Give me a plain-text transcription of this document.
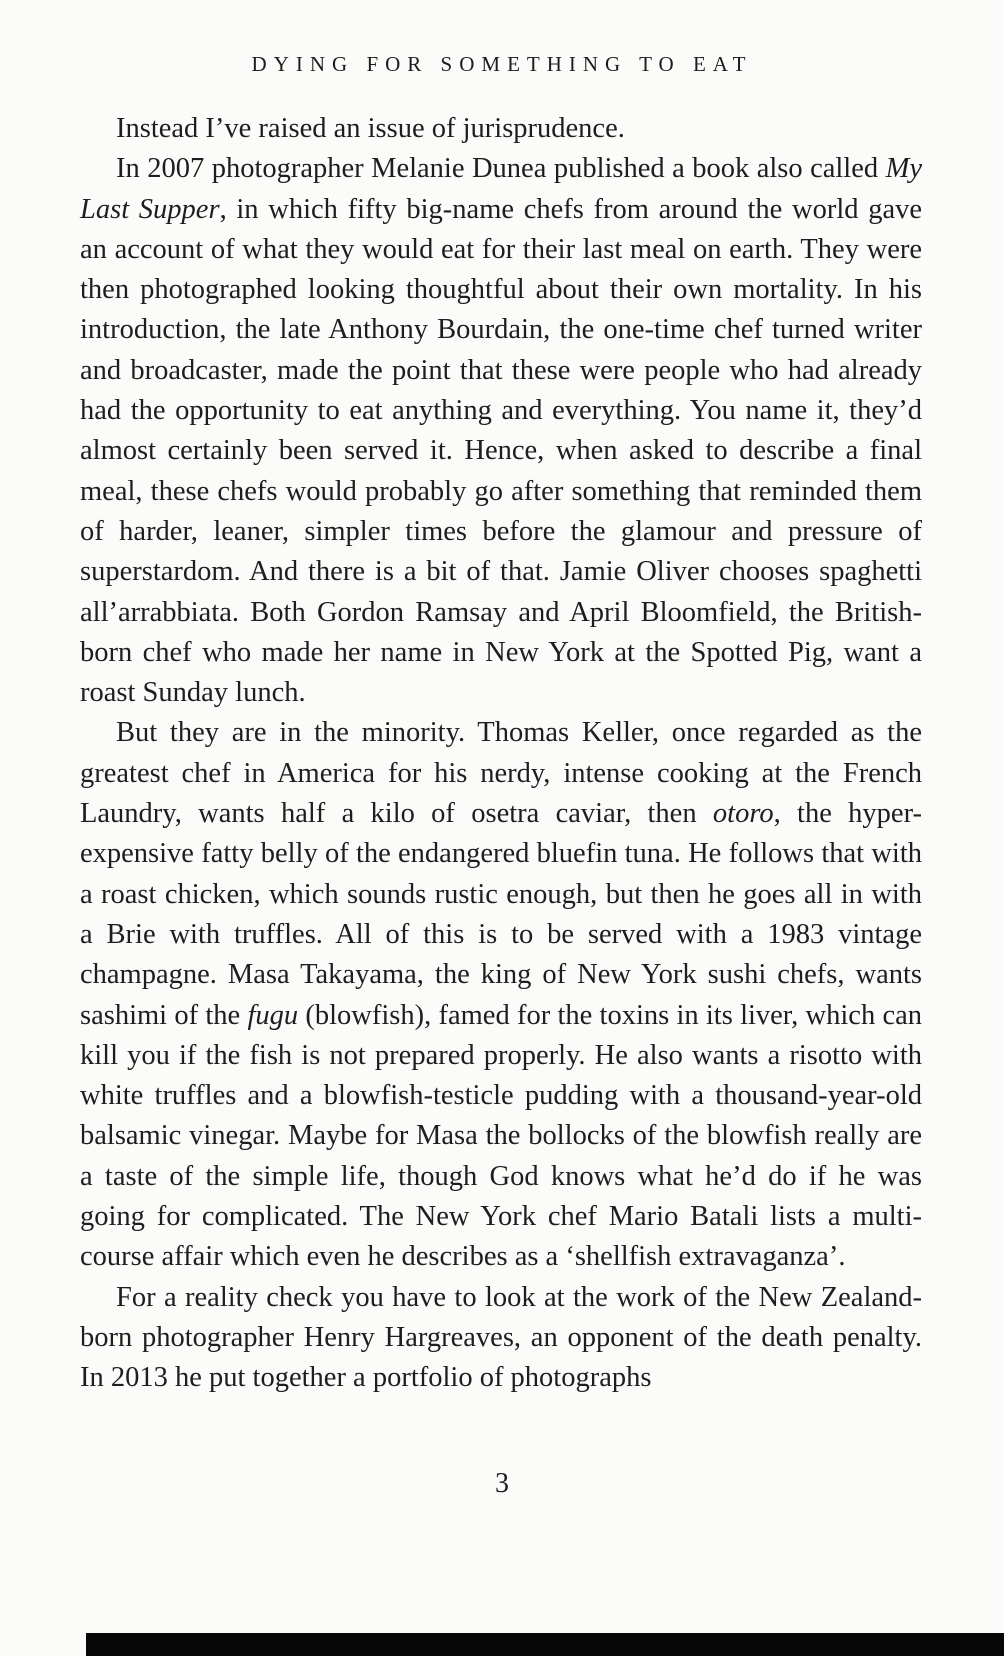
DYING FOR SOMETHING TO EAT

Instead I’ve raised an issue of jurisprudence.

In 2007 photographer Melanie Dunea published a book also called My Last Supper, in which fifty big-name chefs from around the world gave an account of what they would eat for their last meal on earth. They were then photographed looking thoughtful about their own mortality. In his introduction, the late Anthony Bourdain, the one-time chef turned writer and broadcaster, made the point that these were people who had already had the opportunity to eat anything and everything. You name it, they’d almost certainly been served it. Hence, when asked to describe a final meal, these chefs would probably go after something that reminded them of harder, leaner, simpler times before the glamour and pressure of superstardom. And there is a bit of that. Jamie Oliver chooses spaghetti all’arrabbiata. Both Gordon Ramsay and April Bloomfield, the British-born chef who made her name in New York at the Spotted Pig, want a roast Sunday lunch.

But they are in the minority. Thomas Keller, once regarded as the greatest chef in America for his nerdy, intense cooking at the French Laundry, wants half a kilo of osetra caviar, then otoro, the hyper-expensive fatty belly of the endangered bluefin tuna. He follows that with a roast chicken, which sounds rustic enough, but then he goes all in with a Brie with truffles. All of this is to be served with a 1983 vintage champagne. Masa Takayama, the king of New York sushi chefs, wants sashimi of the fugu (blowfish), famed for the toxins in its liver, which can kill you if the fish is not prepared properly. He also wants a risotto with white truffles and a blowfish-testicle pudding with a thousand-year-old balsamic vinegar. Maybe for Masa the bollocks of the blowfish really are a taste of the simple life, though God knows what he’d do if he was going for complicated. The New York chef Mario Batali lists a multi-course affair which even he describes as a ‘shellfish extravaganza’.

For a reality check you have to look at the work of the New Zealand-born photographer Henry Hargreaves, an opponent of the death penalty. In 2013 he put together a portfolio of photographs

3
